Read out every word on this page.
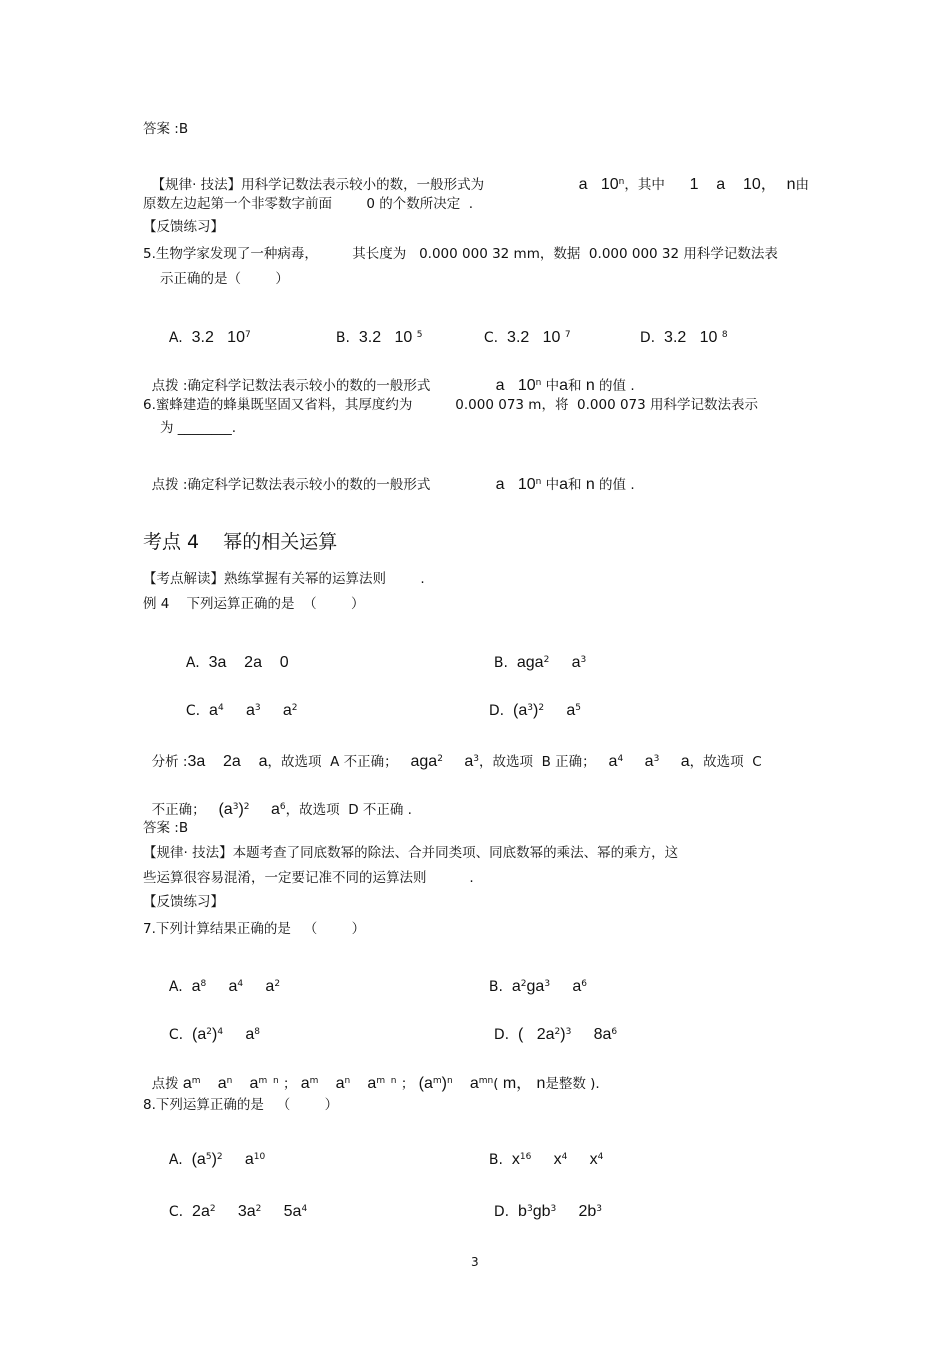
答案 :B

【规律· 技法】用科学记数法表示较小的数，一般形式为	a   10$^n$，其中	1    a    10， n由

原数左边起第一个非零数字前面        0 的个数所决定  .
【反馈练习】
5.生物学家发现了一种病毒，        其长度为   0.000 000 32 mm，数据  0.000 000 32 用科学记数法表
示正确的是（        ）

A. 3.2   $10^7$	B. 3.2   10 $^5$	C. 3.2   10 $^7$	D. 3.2   10 $^8$

点拨 :确定科学记数法表示较小的数的一般形式	a   10$^n$ 中a和 n 的值 .

6.蜜蜂建造的蜂巢既坚固又省料，其厚度约为          0.000 073 m，将  0.000 073 用科学记数法表示
为 ________.

点拨 :确定科学记数法表示较小的数的一般形式	a   10$^n$ 中a和 n 的值 .

考点 4    幂的相关运算
【考点解读】熟练掌握有关幂的运算法则        .
例 4    下列运算正确的是  （        ）

A. 3a    2a    0	B. aga$^2$ $a^3$

C. $a^4$ $a^3$ $a^2$	D. $(a^3)^2$ $a^5$

分析 :3a    2a    a，故选项  A 不正确； aga$^2$ $a^3$，故选项  B 正确； $a^4$ $a^3$ a，故选项  C

不正确； $(a^3)^2$ $a^6$，故选项  D 不正确 .

答案 :B
【规律· 技法】本题考查了同底数幂的除法、合并同类项、同底数幂的乘法、幂的乘方，这
些运算很容易混淆，一定要记准不同的运算法则          .
【反馈练习】
7.下列计算结果正确的是   （        ）

A. $a^8$ $a^4$ $a^2$	B. $a^2ga^3$ $a^6$

C. $(a^2)^4$ $a^8$	D. (   $2a^2)^3$ $8a^6$

点拨 $a^m$ $a^n$ $a^{m n}$ ； $a^m$ $a^n$ $a^{m n}$ ； $(a^m)^n$ $a^{mn}$( m， n是整数 ).

8.下列运算正确的是   （        ）

A. $(a^5)^2$ $a^{10}$	B. $x^{16}$ $x^4$ $x^4$

C. $2a^2$ $3a^2$ $5a^4$	D. $b^3gb^3$ $2b^3$

3
